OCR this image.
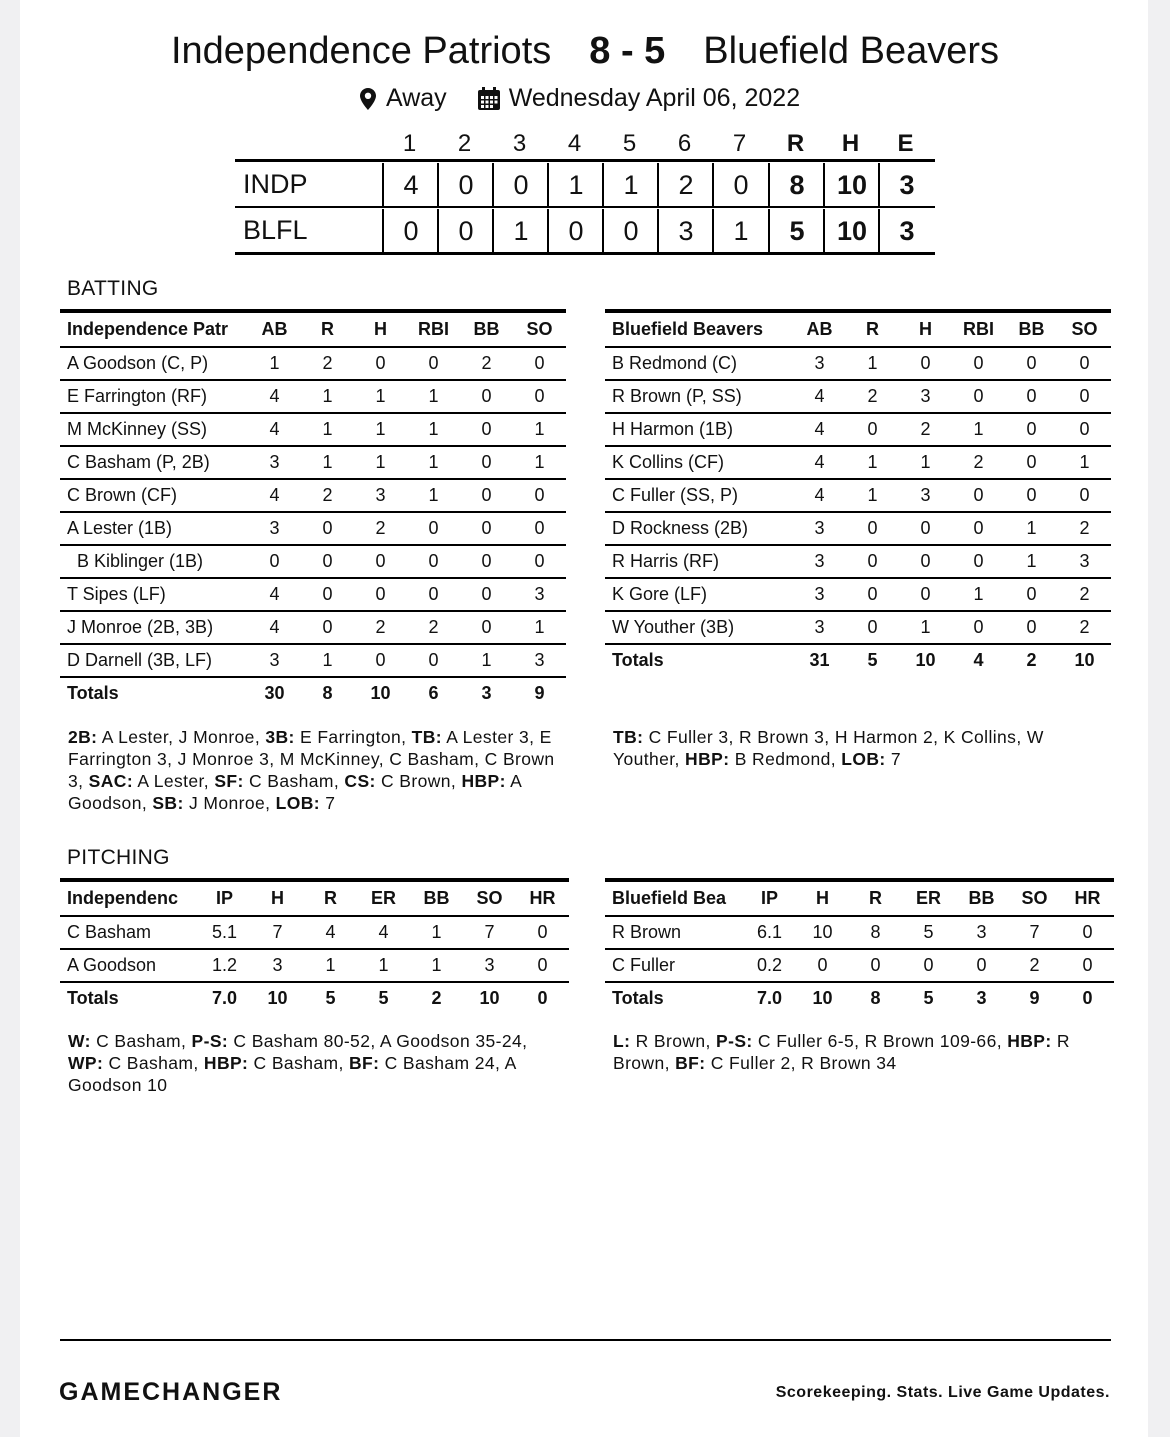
Independence Patriots 8 - 5 Bluefield Beavers
Away Wednesday April 06, 2022
1	2	3	4	5	6	7	R	H	E
INDP	4	0	0	1	1	2	0	8	10	3
BLFL	0	0	1	0	0	3	1	5	10	3
BATTING
Independence Patr	AB	R	H	RBI	BB	SO
A Goodson (C, P)	1	2	0	0	2	0
E Farrington (RF)	4	1	1	1	0	0
M McKinney (SS)	4	1	1	1	0	1
C Basham (P, 2B)	3	1	1	1	0	1
C Brown (CF)	4	2	3	1	0	0
A Lester (1B)	3	0	2	0	0	0
B Kiblinger (1B)	0	0	0	0	0	0
T Sipes (LF)	4	0	0	0	0	3
J Monroe (2B, 3B)	4	0	2	2	0	1
D Darnell (3B, LF)	3	1	0	0	1	3
Totals	30	8	10	6	3	9
Bluefield Beavers	AB	R	H	RBI	BB	SO
B Redmond (C)	3	1	0	0	0	0
R Brown (P, SS)	4	2	3	0	0	0
H Harmon (1B)	4	0	2	1	0	0
K Collins (CF)	4	1	1	2	0	1
C Fuller (SS, P)	4	1	3	0	0	0
D Rockness (2B)	3	0	0	0	1	2
R Harris (RF)	3	0	0	0	1	3
K Gore (LF)	3	0	0	1	0	2
W Youther (3B)	3	0	1	0	0	2
Totals	31	5	10	4	2	10
2B: A Lester, J Monroe, 3B: E Farrington, TB: A Lester 3, E Farrington 3, J Monroe 3, M McKinney, C Basham, C Brown 3, SAC: A Lester, SF: C Basham, CS: C Brown, HBP: A Goodson, SB: J Monroe, LOB: 7
TB: C Fuller 3, R Brown 3, H Harmon 2, K Collins, W Youther, HBP: B Redmond, LOB: 7
PITCHING
Independenc	IP	H	R	ER	BB	SO	HR
C Basham	5.1	7	4	4	1	7	0
A Goodson	1.2	3	1	1	1	3	0
Totals	7.0	10	5	5	2	10	0
Bluefield Bea	IP	H	R	ER	BB	SO	HR
R Brown	6.1	10	8	5	3	7	0
C Fuller	0.2	0	0	0	0	2	0
Totals	7.0	10	8	5	3	9	0
W: C Basham, P-S: C Basham 80-52, A Goodson 35-24, WP: C Basham, HBP: C Basham, BF: C Basham 24, A Goodson 10
L: R Brown, P-S: C Fuller 6-5, R Brown 109-66, HBP: R Brown, BF: C Fuller 2, R Brown 34
GAMECHANGER	Scorekeeping. Stats. Live Game Updates.
